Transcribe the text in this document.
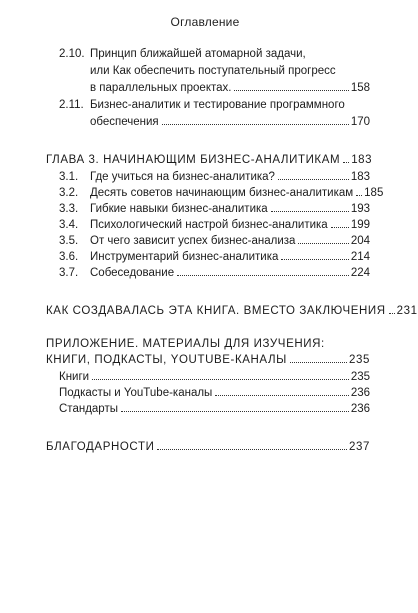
Оглавление
2.10. Принцип ближайшей атомарной задачи,
или Как обеспечить поступательный прогресс
в параллельных проектах.	158
2.11. Бизнес-аналитик и тестирование программного
обеспечения	170
ГЛАВА 3. НАЧИНАЮЩИМ БИЗНЕС-АНАЛИТИКАМ 183
3.1. Где учиться на бизнес-аналитика?	183
3.2. Десять советов начинающим бизнес-аналитикам 185
3.3. Гибкие навыки бизнес-аналитика	193
3.4. Психологический настрой бизнес-аналитика 199
3.5. От чего зависит успех бизнес-анализа	204
3.6. Инструментарий бизнес-аналитика	214
3.7. Собеседование	224
КАК СОЗДАВАЛАСЬ ЭТА КНИГА. ВМЕСТО ЗАКЛЮЧЕНИЯ 231
ПРИЛОЖЕНИЕ. МАТЕРИАЛЫ ДЛЯ ИЗУЧЕНИЯ:
КНИГИ, ПОДКАСТЫ, YOUTUBE-КАНАЛЫ	235
Книги	235
Подкасты и YouTube-каналы	236
Стандарты	236
БЛАГОДАРНОСТИ	237
